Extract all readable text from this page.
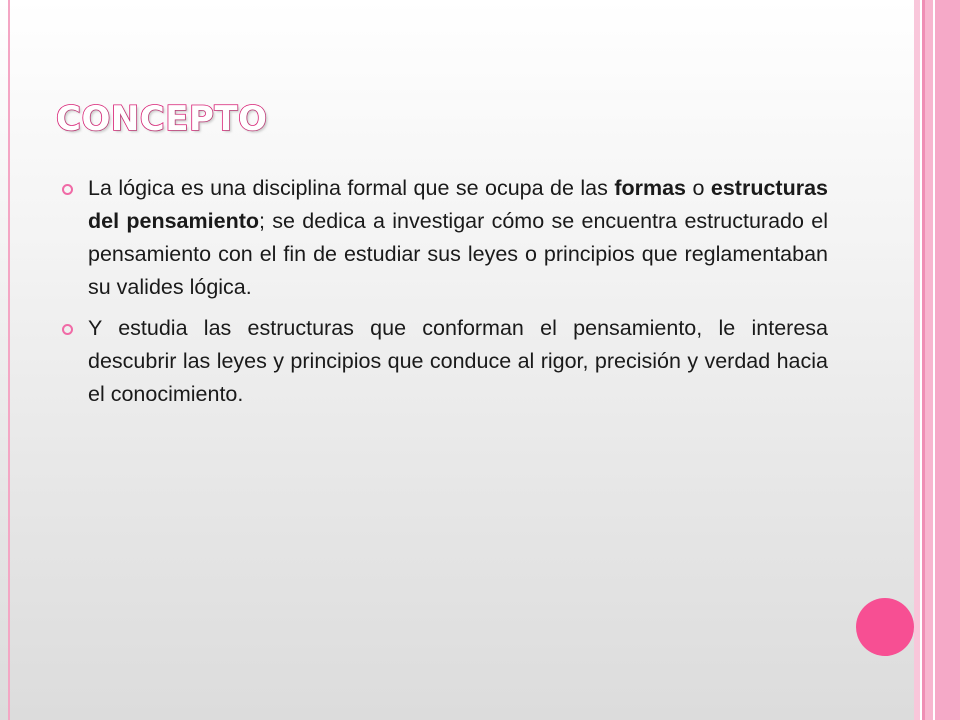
CONCEPTO

La lógica es una disciplina formal que se ocupa de las formas o estructuras del pensamiento; se dedica a investigar cómo se encuentra estructurado el pensamiento con el fin de estudiar sus leyes o principios que reglamentaban su valides lógica.

Y estudia las estructuras que conforman el pensamiento, le interesa descubrir las leyes y principios que conduce al rigor, precisión y verdad hacia el conocimiento.
